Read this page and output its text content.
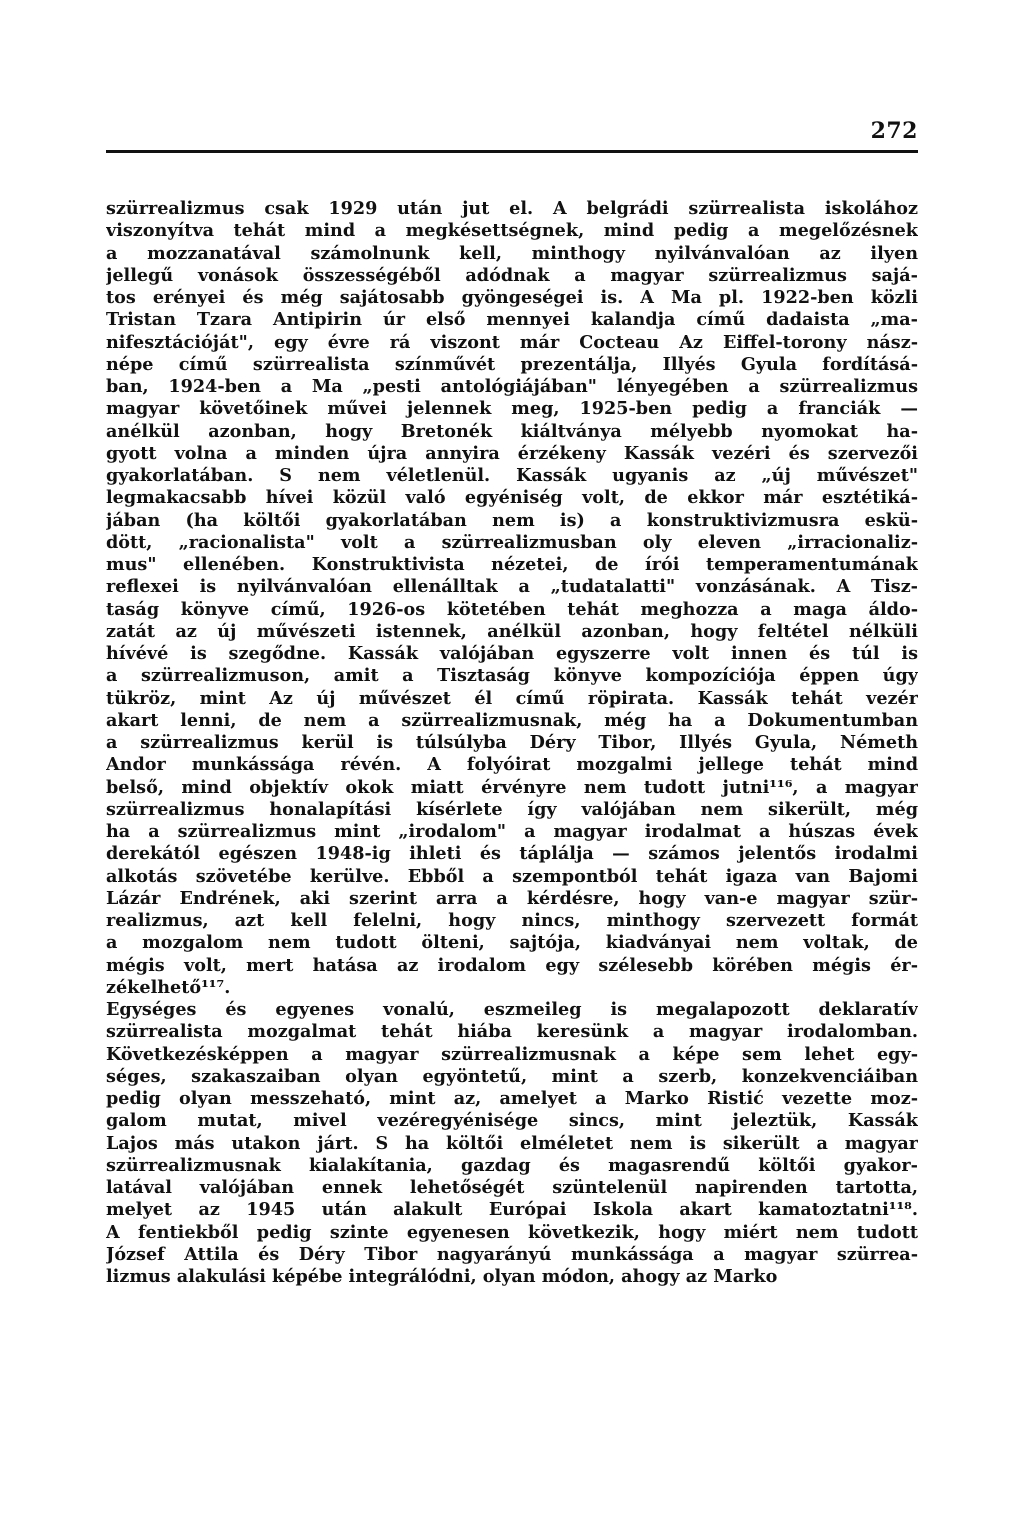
272

szürrealizmus csak 1929 után jut el. A belgrádi szürrealista iskolához
viszonyítva tehát mind a megkésettségnek, mind pedig a megelőzésnek
a mozzanatával számolnunk kell, minthogy nyilvánvalóan az ilyen
jellegű vonások összességéből adódnak a magyar szürrealizmus sajá-
tos erényei és még sajátosabb gyöngeségei is. A Ma pl. 1922-ben közli
Tristan Tzara Antipirin úr első mennyei kalandja című dadaista „ma-
nifesztációját", egy évre rá viszont már Cocteau Az Eiffel-torony nász-
népe című szürrealista színművét prezentálja, Illyés Gyula fordításá-
ban, 1924-ben a Ma „pesti antológiájában" lényegében a szürrealizmus
magyar követőinek művei jelennek meg, 1925-ben pedig a franciák —
anélkül azonban, hogy Bretonék kiáltványa mélyebb nyomokat ha-
gyott volna a minden újra annyira érzékeny Kassák vezéri és szervezői
gyakorlatában. S nem véletlenül. Kassák ugyanis az „új művészet"
legmakacsabb hívei közül való egyéniség volt, de ekkor már esztétiká-
jában (ha költői gyakorlatában nem is) a konstruktivizmusra eskü-
dött, „racionalista" volt a szürrealizmusban oly eleven „irracionaliz-
mus" ellenében. Konstruktivista nézetei, de írói temperamentumának
reflexei is nyilvánvalóan ellenálltak a „tudatalatti" vonzásának. A Tisz-
taság könyve című, 1926-os kötetében tehát meghozza a maga áldo-
zatát az új művészeti istennek, anélkül azonban, hogy feltétel nélküli
hívévé is szegődne. Kassák valójában egyszerre volt innen és túl is
a szürrealizmuson, amit a Tisztaság könyve kompozíciója éppen úgy
tükröz, mint Az új művészet él című röpirata. Kassák tehát vezér
akart lenni, de nem a szürrealizmusnak, még ha a Dokumentumban
a szürrealizmus kerül is túlsúlyba Déry Tibor, Illyés Gyula, Németh
Andor munkássága révén. A folyóirat mozgalmi jellege tehát mind
belső, mind objektív okok miatt érvényre nem tudott jutni¹¹⁶, a magyar
szürrealizmus honalapítási kísérlete így valójában nem sikerült, még
ha a szürrealizmus mint „irodalom" a magyar irodalmat a húszas évek
derekától egészen 1948-ig ihleti és táplálja — számos jelentős irodalmi
alkotás szövetébe kerülve. Ebből a szempontból tehát igaza van Bajomi
Lázár Endrének, aki szerint arra a kérdésre, hogy van-e magyar szür-
realizmus, azt kell felelni, hogy nincs, minthogy szervezett formát
a mozgalom nem tudott ölteni, sajtója, kiadványai nem voltak, de
mégis volt, mert hatása az irodalom egy szélesebb körében mégis ér-
zékelhető¹¹⁷.

Egységes és egyenes vonalú, eszmeileg is megalapozott deklaratív
szürrealista mozgalmat tehát hiába keresünk a magyar irodalomban.
Következésképpen a magyar szürrealizmusnak a képe sem lehet egy-
séges, szakaszaiban olyan egyöntetű, mint a szerb, konzekvenciáiban
pedig olyan messzeható, mint az, amelyet a Marko Ristić vezette moz-
galom mutat, mivel vezéregyénisége sincs, mint jeleztük, Kassák
Lajos más utakon járt. S ha költői elméletet nem is sikerült a magyar
szürrealizmusnak kialakítania, gazdag és magasrendű költői gyakor-
latával valójában ennek lehetőségét szüntelenül napirenden tartotta,
melyet az 1945 után alakult Európai Iskola akart kamatoztatni¹¹⁸.
A fentiekből pedig szinte egyenesen következik, hogy miért nem tudott
József Attila és Déry Tibor nagyarányú munkássága a magyar szürrea-
lizmus alakulási képébe integrálódni, olyan módon, ahogy az Marko
